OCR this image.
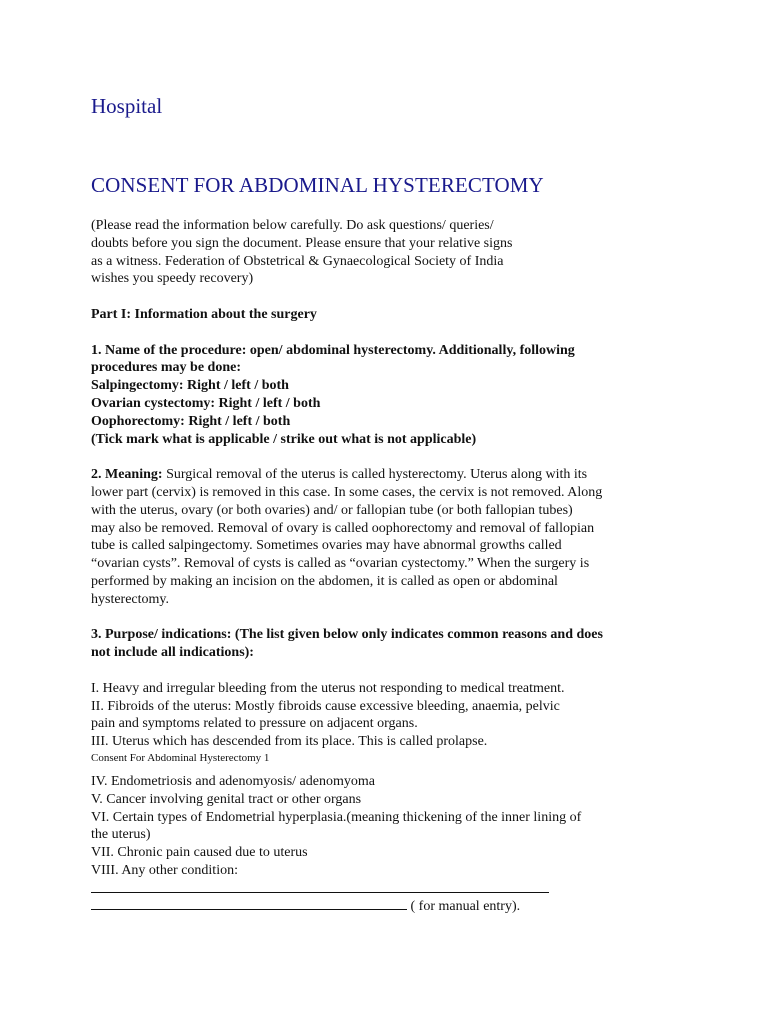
Hospital
CONSENT FOR ABDOMINAL HYSTERECTOMY
(Please read the information below carefully. Do ask questions/ queries/
doubts before you sign the document. Please ensure that your relative signs
as a witness. Federation of Obstetrical & Gynaecological Society of India
wishes you speedy recovery)
Part I: Information about the surgery
1. Name of the procedure: open/ abdominal hysterectomy. Additionally, following
procedures may be done:
Salpingectomy: Right / left / both
Ovarian cystectomy: Right / left / both
Oophorectomy: Right / left / both
(Tick mark what is applicable / strike out what is not applicable)
2. Meaning: Surgical removal of the uterus is called hysterectomy. Uterus along with its
lower part (cervix) is removed in this case. In some cases, the cervix is not removed. Along
with the uterus, ovary (or both ovaries) and/ or fallopian tube (or both fallopian tubes)
may also be removed. Removal of ovary is called oophorectomy and removal of fallopian
tube is called salpingectomy. Sometimes ovaries may have abnormal growths called
“ovarian cysts”. Removal of cysts is called as “ovarian cystectomy.” When the surgery is
performed by making an incision on the abdomen, it is called as open or abdominal
hysterectomy.
3. Purpose/ indications: (The list given below only indicates common reasons and does
not include all indications):
I. Heavy and irregular bleeding from the uterus not responding to medical treatment.
II. Fibroids of the uterus: Mostly fibroids cause excessive bleeding, anaemia, pelvic
pain and symptoms related to pressure on adjacent organs.
III. Uterus which has descended from its place. This is called prolapse.
Consent For Abdominal Hysterectomy 1
IV. Endometriosis and adenomyosis/ adenomyoma
V. Cancer involving genital tract or other organs
VI. Certain types of Endometrial hyperplasia.(meaning thickening of the inner lining of
the uterus)
VII. Chronic pain caused due to uterus
VIII. Any other condition:
( for manual entry).
